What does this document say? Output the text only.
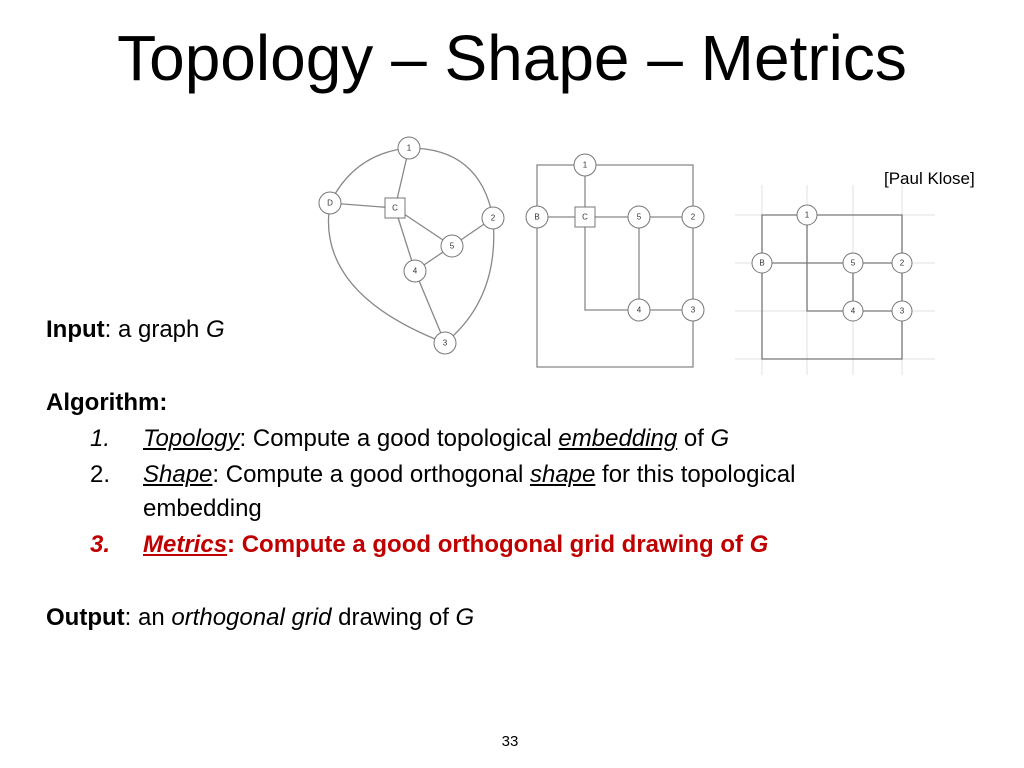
Topology – Shape – Metrics
[Paul Klose]
1
D
C
2
5
4
3
1
B	C	5	2
4	3
1
B	5	2
4	3
Input: a graph G
Algorithm:
1. Topology: Compute a good topological embedding of G
2. Shape: Compute a good orthogonal shape for this topological
embedding
3. Metrics: Compute a good orthogonal grid drawing of G
Output: an orthogonal grid drawing of G
33
